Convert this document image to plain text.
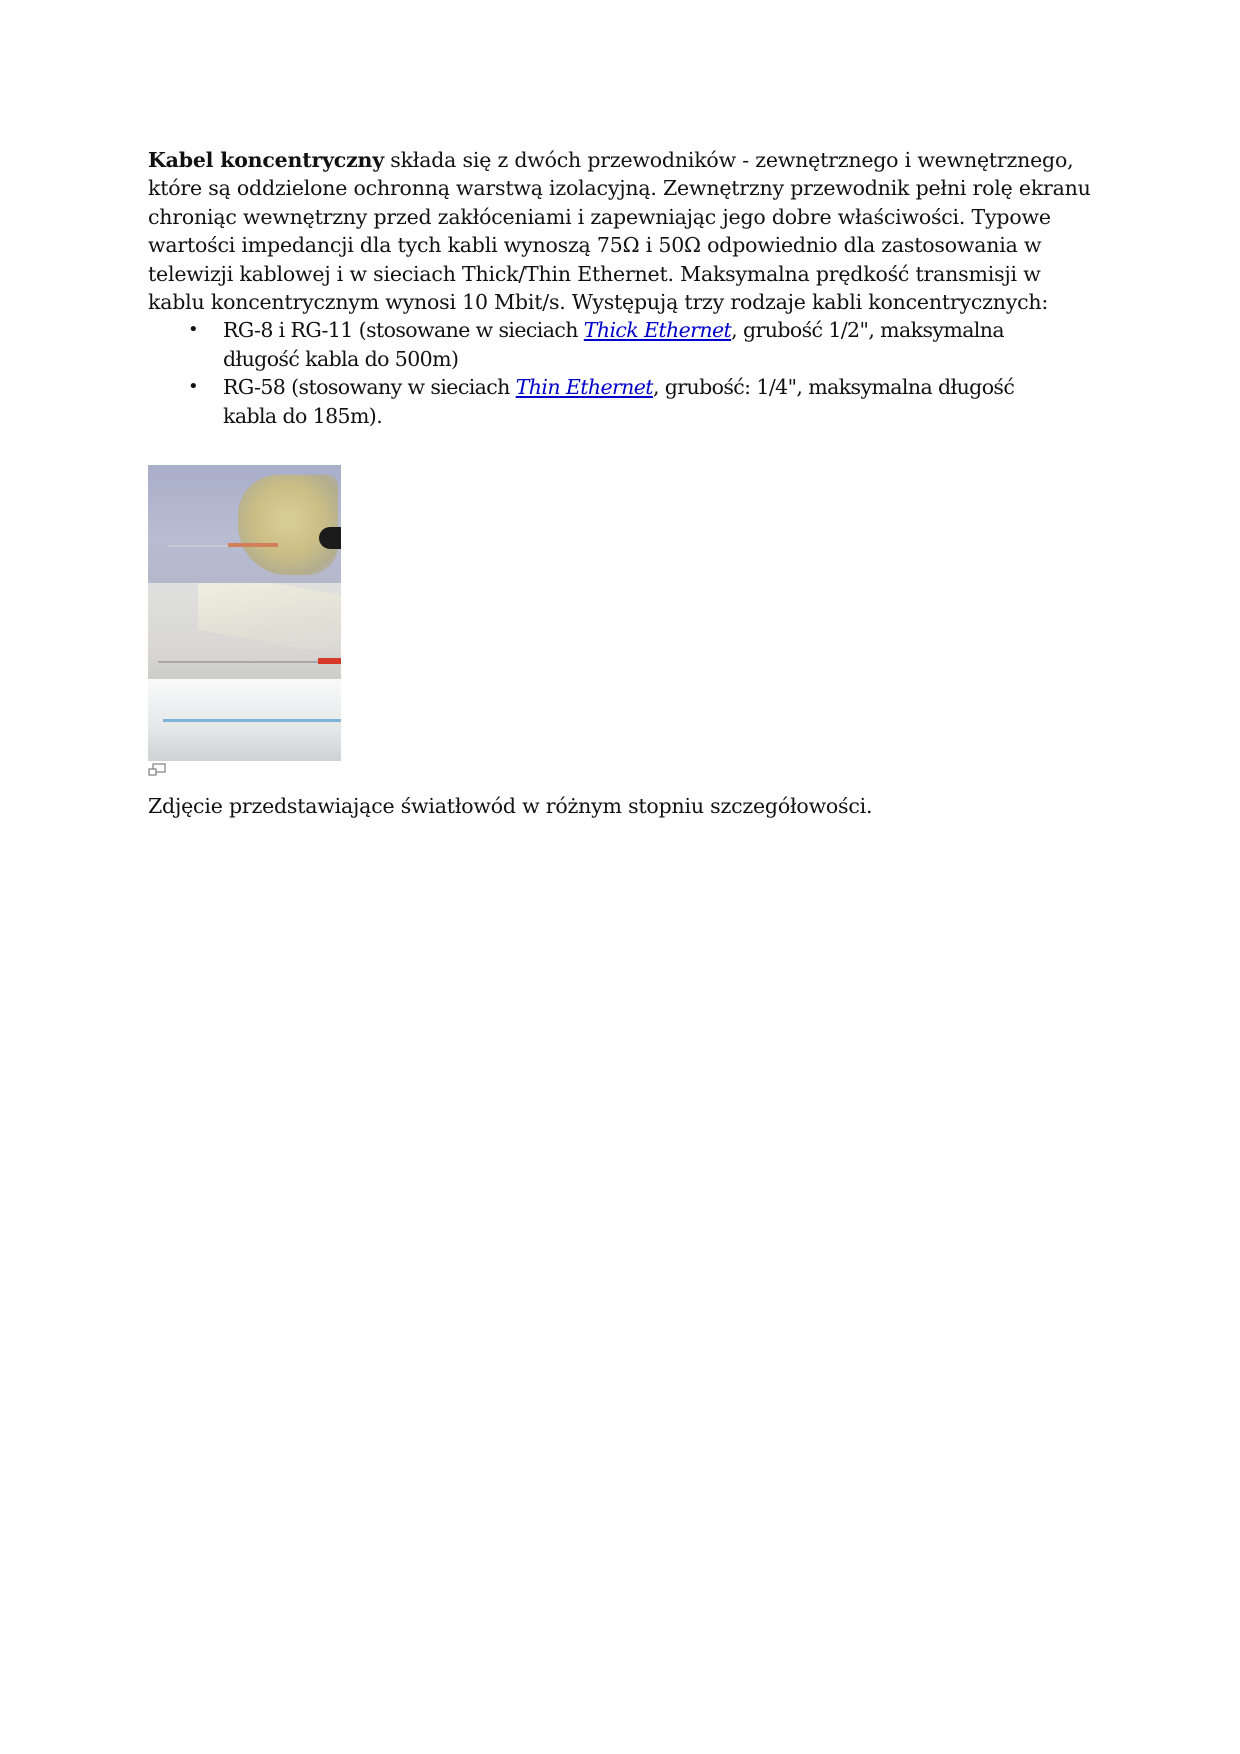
Kabel koncentryczny składa się z dwóch przewodników - zewnętrznego i wewnętrznego,
które są oddzielone ochronną warstwą izolacyjną. Zewnętrzny przewodnik pełni rolę ekranu
chroniąc wewnętrzny przed zakłóceniami i zapewniając jego dobre właściwości. Typowe
wartości impedancji dla tych kabli wynoszą 75Ω i 50Ω odpowiednio dla zastosowania w
telewizji kablowej i w sieciach Thick/Thin Ethernet. Maksymalna prędkość transmisji w
kablu koncentrycznym wynosi 10 Mbit/s. Występują trzy rodzaje kabli koncentrycznych:

• RG-8 i RG-11 (stosowane w sieciach Thick Ethernet, grubość 1/2", maksymalna
długość kabla do 500m)
• RG-58 (stosowany w sieciach Thin Ethernet, grubość: 1/4", maksymalna długość
kabla do 185m).
Zdjęcie przedstawiające światłowód w różnym stopniu szczegółowości.
